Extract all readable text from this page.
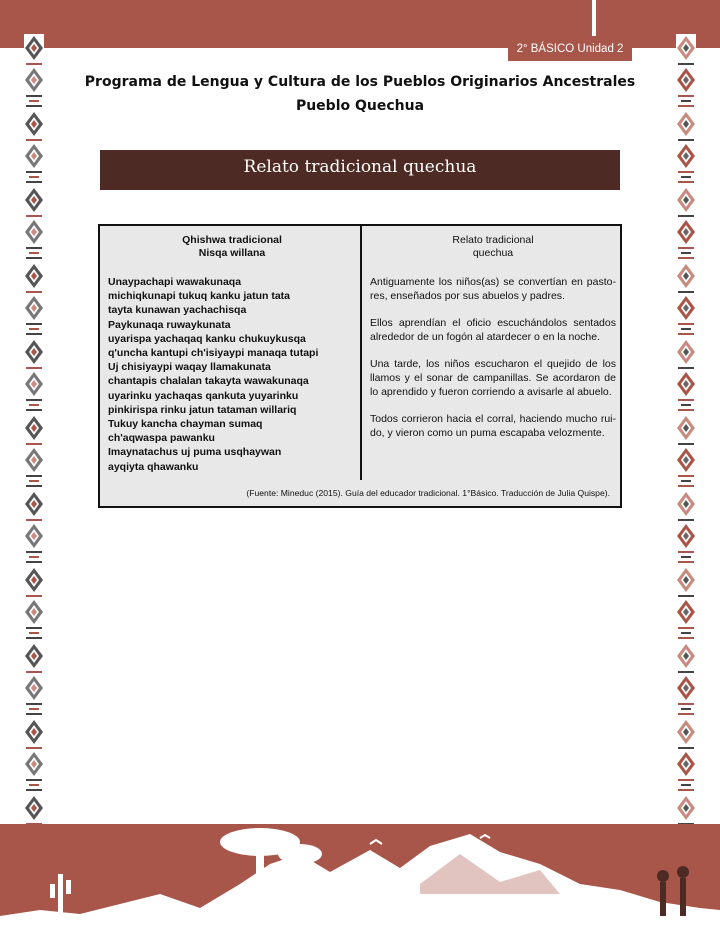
2° BÁSICO Unidad 2
Programa de Lengua y Cultura de los Pueblos Originarios Ancestrales
Pueblo Quechua
Relato tradicional quechua
Qhishwa tradicional
Nisqa willana
Unaypachapi wawakunaqa
michiqkunapi tukuq kanku jatun tata
tayta kunawan yachachisqa
Paykunaqa ruwaykunata
uyarispa yachaqaq kanku chukuykusqa
q'uncha kantupi ch'isiyaypi manaqa tutapi
Uj chisiyaypi waqay llamakunata
chantapis chalalan takayta wawakunaqa
uyarinku yachaqas qankuta yuyarinku
pinkirispa rinku jatun tataman willariq
Tukuy kancha chayman sumaq
ch'aqwaspa pawanku
Imaynatachus uj puma usqhaywan
ayqiyta qhawanku
Relato tradicional
quechua

Antiguamente los niños(as) se convertían en pasto-res, enseñados por sus abuelos y padres.

Ellos aprendían el oficio escuchándolos sentados alrededor de un fogón al atardecer o en la noche.

Una tarde, los niños escucharon el quejido de los llamos y el sonar de campanillas. Se acordaron de lo aprendido y fueron corriendo a avisarle al abuelo.

Todos corrieron hacia el corral, haciendo mucho rui-do, y vieron como un puma escapaba velozmente.

(Fuente: Mineduc (2015). Guía del educador tradicional. 1°Básico. Traducción de Julia Quispe).
